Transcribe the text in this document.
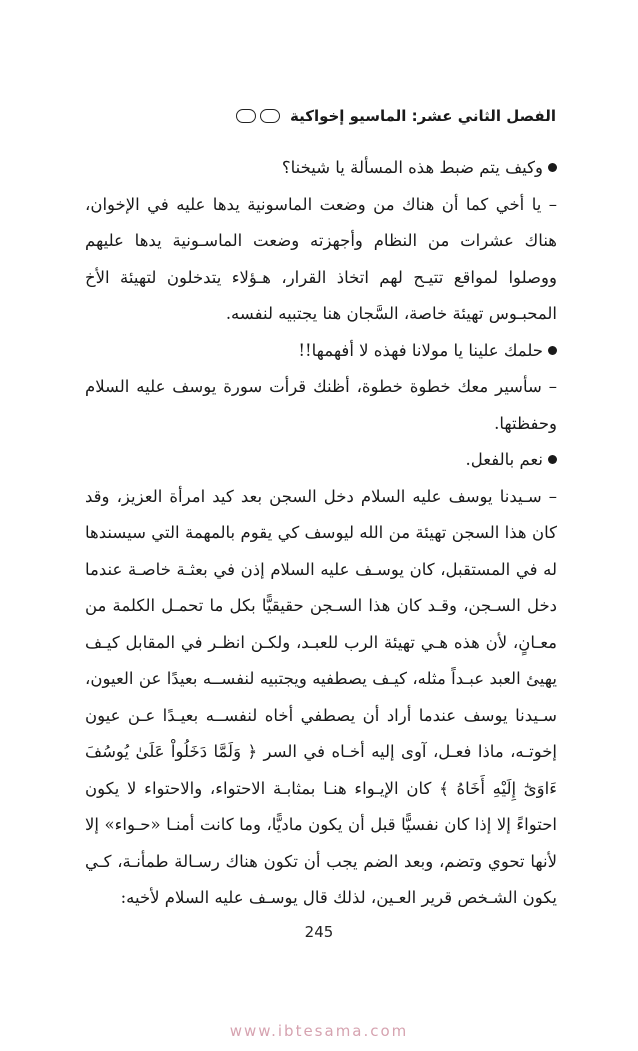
الفصل الثاني عشر: الماسيو إخواكية

وكيف يتم ضبط هذه المسألة يا شيخنا؟

– يا أخي كما أن هناك من وضعت الماسونية يدها عليه في الإخوان، هناك عشرات من النظام وأجهزته وضعت الماسـونية يدها عليهم ووصلوا لمواقع تتيـح لهم اتخاذ القرار، هـؤلاء يتدخلون لتهيئة الأخ المحبـوس تهيئة خاصة، السَّجان هنا يجتبيه لنفسه.

حلمك علينا يا مولانا فهذه لا أفهمها!!

– سأسير معك خطوة خطوة، أظنك قرأت سورة يوسف عليه السلام وحفظتها.

نعم بالفعل.

– سـيدنا يوسف عليه السلام دخل السجن بعد كيد امرأة العزيز، وقد كان هذا السجن تهيئة من الله ليوسف كي يقوم بالمهمة التي سيسندها له في المستقبل، كان يوسـف عليه السلام إذن في بعثـة خاصـة عندما دخل السـجن، وقـد كان هذا السـجن حقيقيًّا بكل ما تحمـل الكلمة من معـانٍ، لأن هذه هـي تهيئة الرب للعبـد، ولكـن انظـر في المقابل كيـف يهيئ العبد عبـداً مثله، كيـف يصطفيه ويجتبيه لنفســه بعيدًا عن العيون، سـيدنا يوسف عندما أراد أن يصطفي أخاه لنفســه بعيـدًا عـن عيون إخوتـه، ماذا فعـل، آوى إليه أخـاه في السر ﴿ وَلَمَّا دَخَلُواْ عَلَىٰ يُوسُفَ ءَاوَىٰٓ إِلَيْهِ أَخَاهُ ﴾ كان الإيـواء هنـا بمثابـة الاحتواء، والاحتواء لا يكون احتواءً إلا إذا كان نفسيًّا قبل أن يكون ماديًّا، وما كانت أمنـا «حـواء» إلا لأنها تحوي وتضم، وبعد الضم يجب أن تكون هناك رسـالة طمأنـة، كـي يكون الشـخص قرير العـين، لذلك قال يوسـف عليه السلام لأخيه:

245
www.ibtesama.com
